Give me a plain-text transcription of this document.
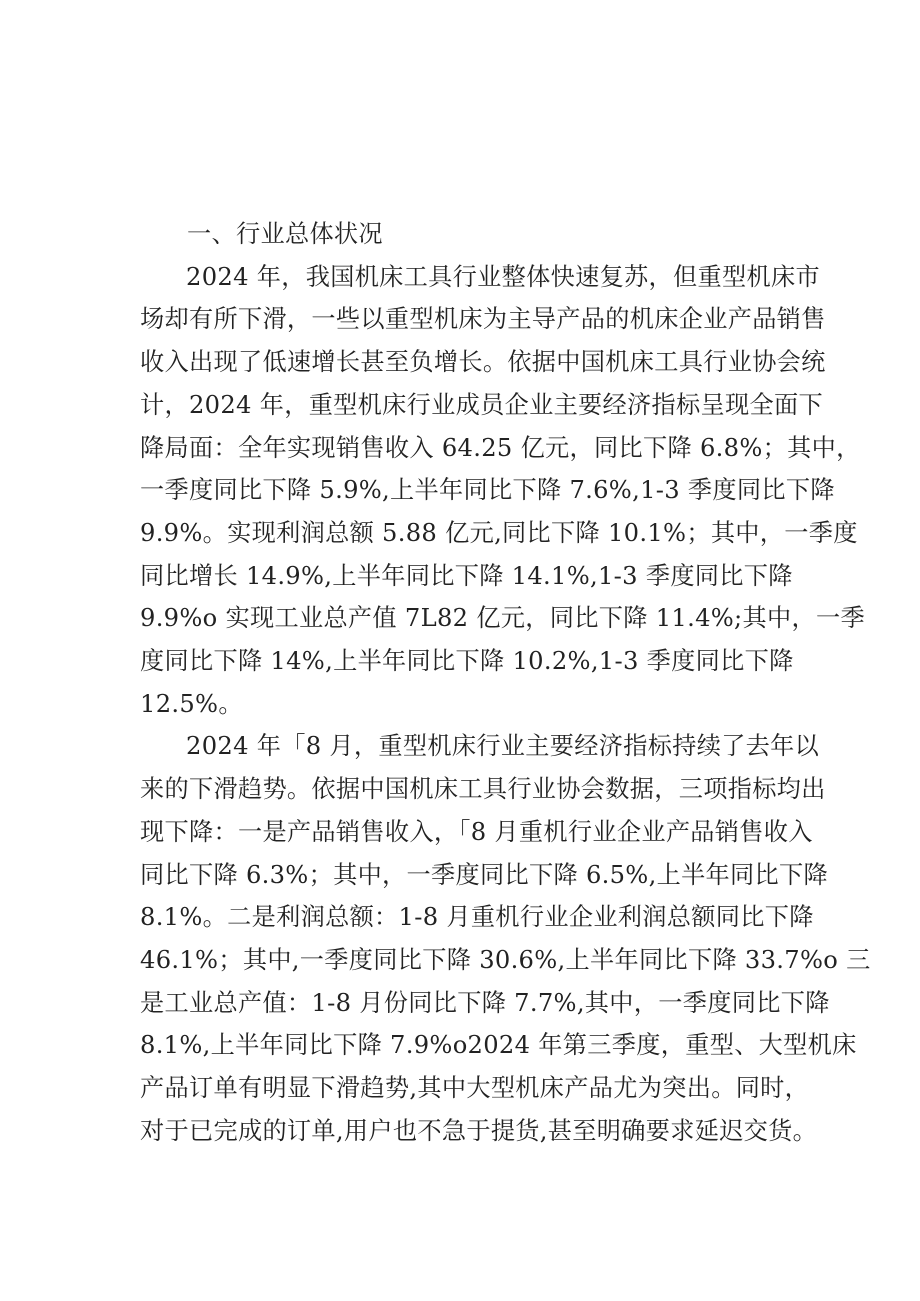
一、行业总体状况
2024 年，我国机床工具行业整体快速复苏，但重型机床市
场却有所下滑，一些以重型机床为主导产品的机床企业产品销售
收入出现了低速增长甚至负增长。依据中国机床工具行业协会统
计，2024 年，重型机床行业成员企业主要经济指标呈现全面下
降局面：全年实现销售收入 64.25 亿元，同比下降 6.8%；其中，
一季度同比下降 5.9%,上半年同比下降 7.6%,1-3 季度同比下降
9.9%。实现利润总额 5.88 亿元,同比下降 10.1%；其中，一季度
同比增长 14.9%,上半年同比下降 14.1%,1-3 季度同比下降
9.9%o 实现工业总产值 7L82 亿元，同比下降 11.4%;其中，一季
度同比下降 14%,上半年同比下降 10.2%,1-3 季度同比下降
12.5%。
2024 年「8 月，重型机床行业主要经济指标持续了去年以
来的下滑趋势。依据中国机床工具行业协会数据，三项指标均出
现下降：一是产品销售收入，「8 月重机行业企业产品销售收入
同比下降 6.3%；其中，一季度同比下降 6.5%,上半年同比下降
8.1%。二是利润总额：1-8 月重机行业企业利润总额同比下降
46.1%；其中,一季度同比下降 30.6%,上半年同比下降 33.7%o 三
是工业总产值：1-8 月份同比下降 7.7%,其中，一季度同比下降
8.1%,上半年同比下降 7.9%o2024 年第三季度，重型、大型机床
产品订单有明显下滑趋势,其中大型机床产品尤为突出。同时，
对于已完成的订单,用户也不急于提货,甚至明确要求延迟交货。
